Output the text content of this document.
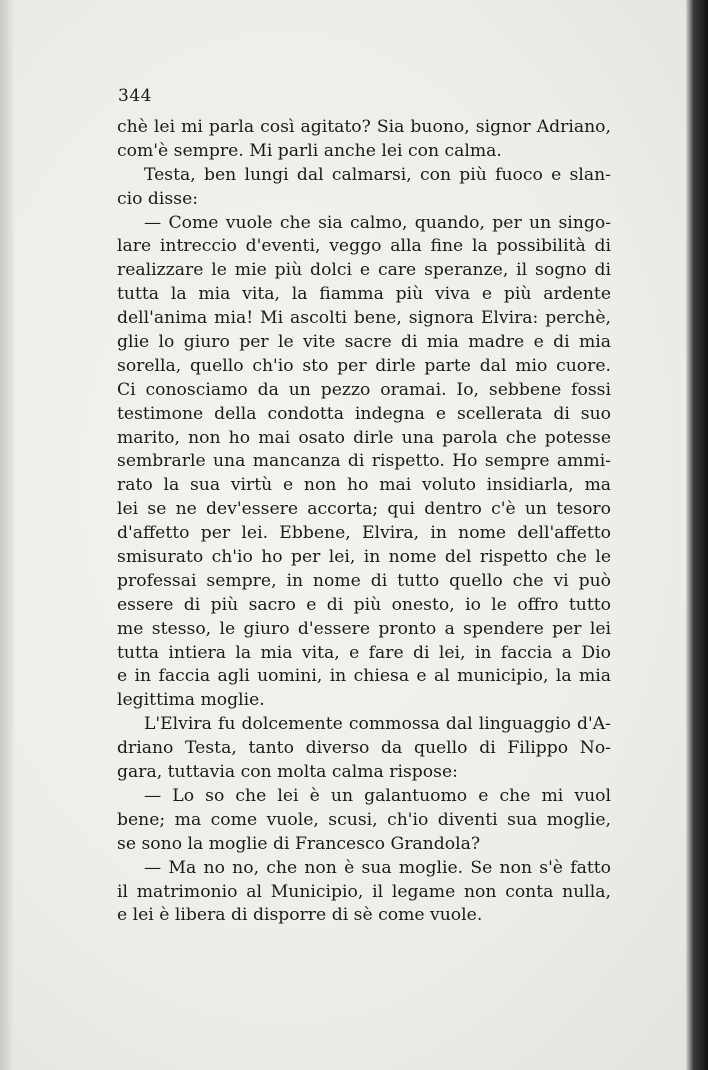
344
chè lei mi parla così agitato? Sia buono, signor Adriano,
com'è sempre. Mi parli anche lei con calma.
Testa, ben lungi dal calmarsi, con più fuoco e slan-
cio disse:
— Come vuole che sia calmo, quando, per un singo-
lare intreccio d'eventi, veggo alla fine la possibilità di
realizzare le mie più dolci e care speranze, il sogno di
tutta la mia vita, la fiamma più viva e più ardente
dell'anima mia! Mi ascolti bene, signora Elvira: perchè,
glie lo giuro per le vite sacre di mia madre e di mia
sorella, quello ch'io sto per dirle parte dal mio cuore.
Ci conosciamo da un pezzo oramai. Io, sebbene fossi
testimone della condotta indegna e scellerata di suo
marito, non ho mai osato dirle una parola che potesse
sembrarle una mancanza di rispetto. Ho sempre ammi-
rato la sua virtù e non ho mai voluto insidiarla, ma
lei se ne dev'essere accorta; qui dentro c'è un tesoro
d'affetto per lei. Ebbene, Elvira, in nome dell'affetto
smisurato ch'io ho per lei, in nome del rispetto che le
professai sempre, in nome di tutto quello che vi può
essere di più sacro e di più onesto, io le offro tutto
me stesso, le giuro d'essere pronto a spendere per lei
tutta intiera la mia vita, e fare di lei, in faccia a Dio
e in faccia agli uomini, in chiesa e al municipio, la mia
legittima moglie.
L'Elvira fu dolcemente commossa dal linguaggio d'A-
driano Testa, tanto diverso da quello di Filippo No-
gara, tuttavia con molta calma rispose:
— Lo so che lei è un galantuomo e che mi vuol
bene; ma come vuole, scusi, ch'io diventi sua moglie,
se sono la moglie di Francesco Grandola?
— Ma no no, che non è sua moglie. Se non s'è fatto
il matrimonio al Municipio, il legame non conta nulla,
e lei è libera di disporre di sè come vuole.
